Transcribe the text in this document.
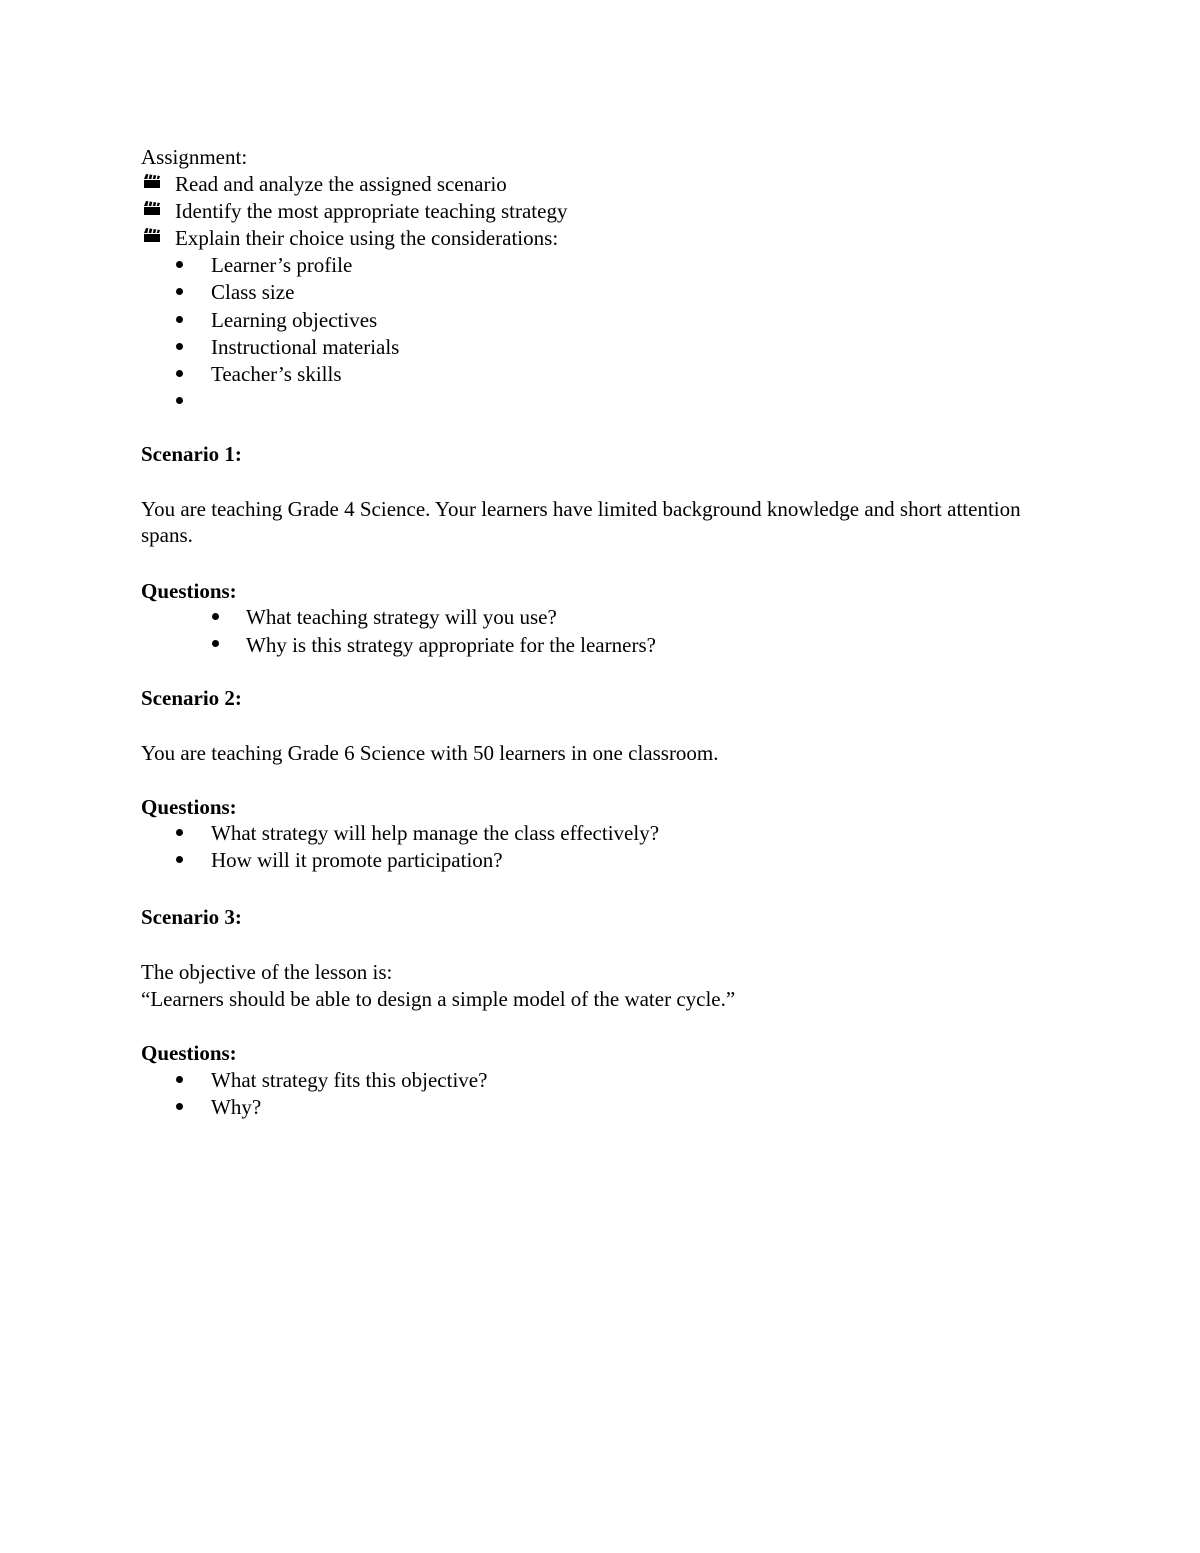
Assignment:
Read and analyze the assigned scenario
Identify the most appropriate teaching strategy
Explain their choice using the considerations:
Learner’s profile
Class size
Learning objectives
Instructional materials
Teacher’s skills
Scenario 1:
You are teaching Grade 4 Science. Your learners have limited background knowledge and short attention spans.
Questions:
What teaching strategy will you use?
Why is this strategy appropriate for the learners?
Scenario 2:
You are teaching Grade 6 Science with 50 learners in one classroom.
Questions:
What strategy will help manage the class effectively?
How will it promote participation?
Scenario 3:
The objective of the lesson is:
“Learners should be able to design a simple model of the water cycle.”
Questions:
What strategy fits this objective?
Why?
